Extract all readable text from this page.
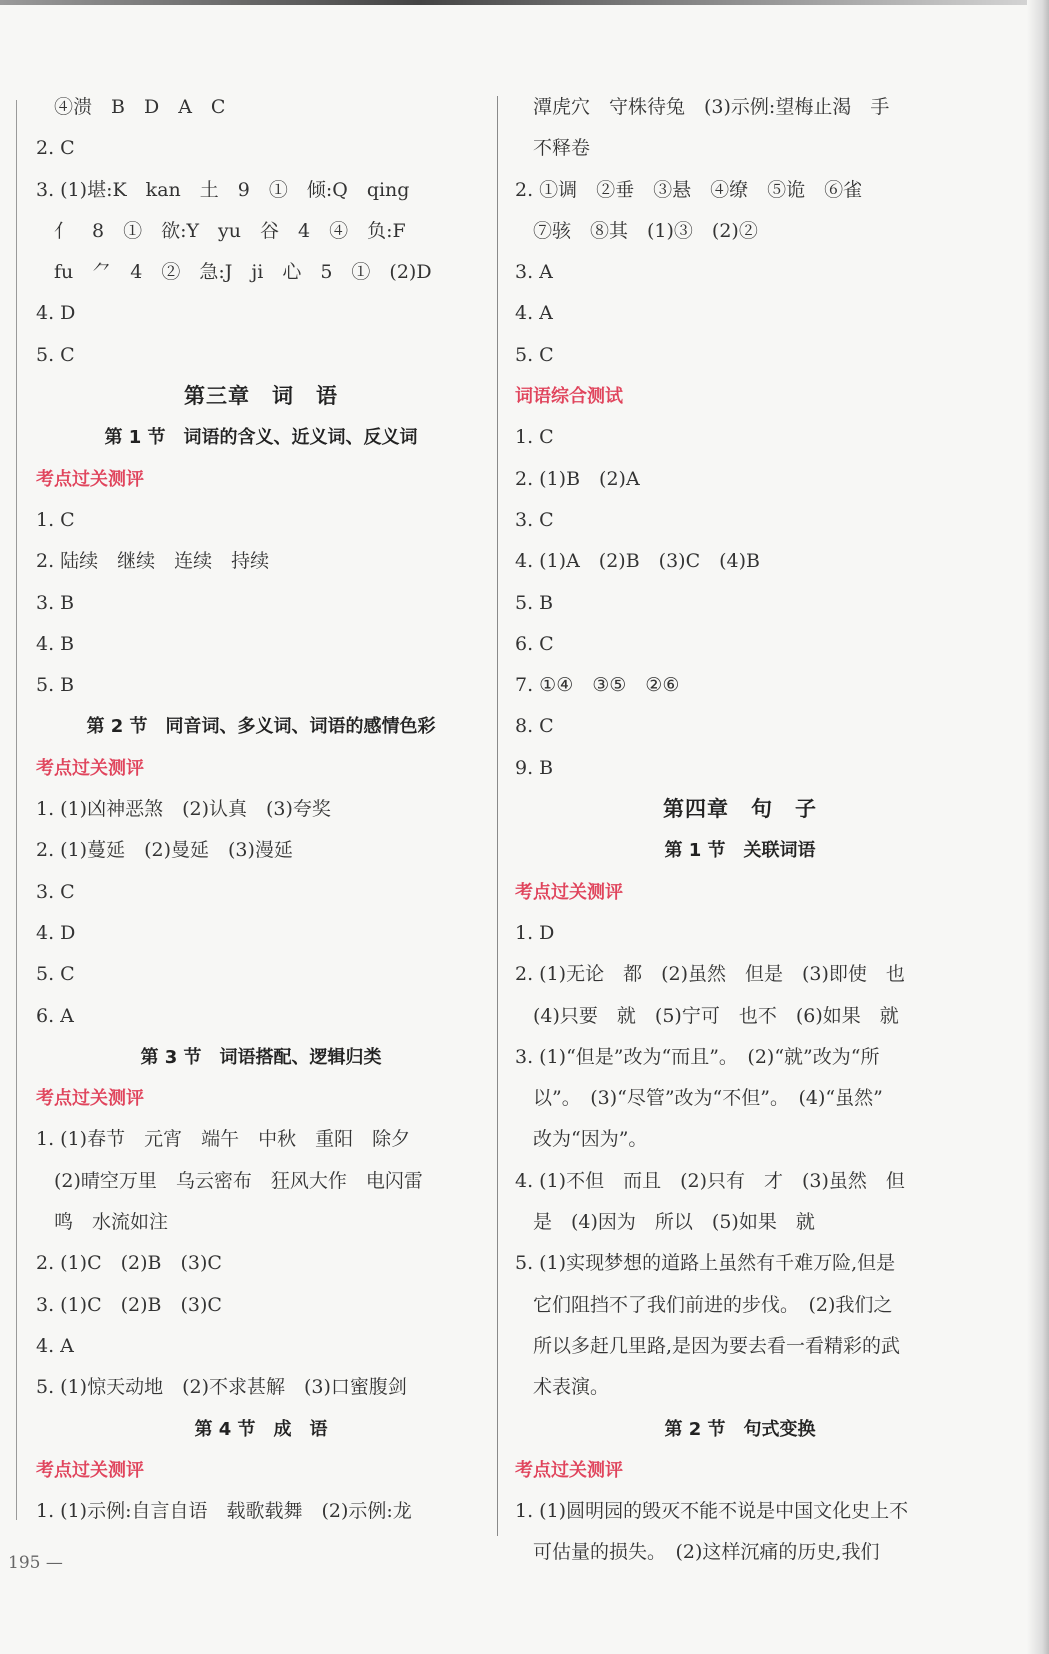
④溃　B　D　A　C
2. C
3. (1)堪:K　kan　土　9　①　倾:Q　qing
亻　8　①　欲:Y　yu　谷　4　④　负:F
fu　⺈　4　②　急:J　ji　心　5　①　(2)D
4. D
5. C
第三章　词　语
第 1 节　词语的含义、近义词、反义词
考点过关测评
1. C
2. 陆续　继续　连续　持续
3. B
4. B
5. B
第 2 节　同音词、多义词、词语的感情色彩
考点过关测评
1. (1)凶神恶煞　(2)认真　(3)夸奖
2. (1)蔓延　(2)曼延　(3)漫延
3. C
4. D
5. C
6. A
第 3 节　词语搭配、逻辑归类
考点过关测评
1. (1)春节　元宵　端午　中秋　重阳　除夕
(2)晴空万里　乌云密布　狂风大作　电闪雷
鸣　水流如注
2. (1)C　(2)B　(3)C
3. (1)C　(2)B　(3)C
4. A
5. (1)惊天动地　(2)不求甚解　(3)口蜜腹剑
第 4 节　成　语
考点过关测评
1. (1)示例:自言自语　载歌载舞　(2)示例:龙
潭虎穴　守株待兔　(3)示例:望梅止渴　手
不释卷
2. ①调　②垂　③悬　④缭　⑤诡　⑥雀
⑦骇　⑧其　(1)③　(2)②
3. A
4. A
5. C
词语综合测试
1. C
2. (1)B　(2)A
3. C
4. (1)A　(2)B　(3)C　(4)B
5. B
6. C
7. ①④　③⑤　②⑥
8. C
9. B
第四章　句　子
第 1 节　关联词语
考点过关测评
1. D
2. (1)无论　都　(2)虽然　但是　(3)即使　也
(4)只要　就　(5)宁可　也不　(6)如果　就
3. (1)“但是”改为“而且”。　(2)“就”改为“所
以”。　(3)“尽管”改为“不但”。　(4)“虽然”
改为“因为”。
4. (1)不但　而且　(2)只有　才　(3)虽然　但
是　(4)因为　所以　(5)如果　就
5. (1)实现梦想的道路上虽然有千难万险,但是
它们阻挡不了我们前进的步伐。　(2)我们之
所以多赶几里路,是因为要去看一看精彩的武
术表演。
第 2 节　句式变换
考点过关测评
1. (1)圆明园的毁灭不能不说是中国文化史上不
可估量的损失。　(2)这样沉痛的历史,我们
195 —
